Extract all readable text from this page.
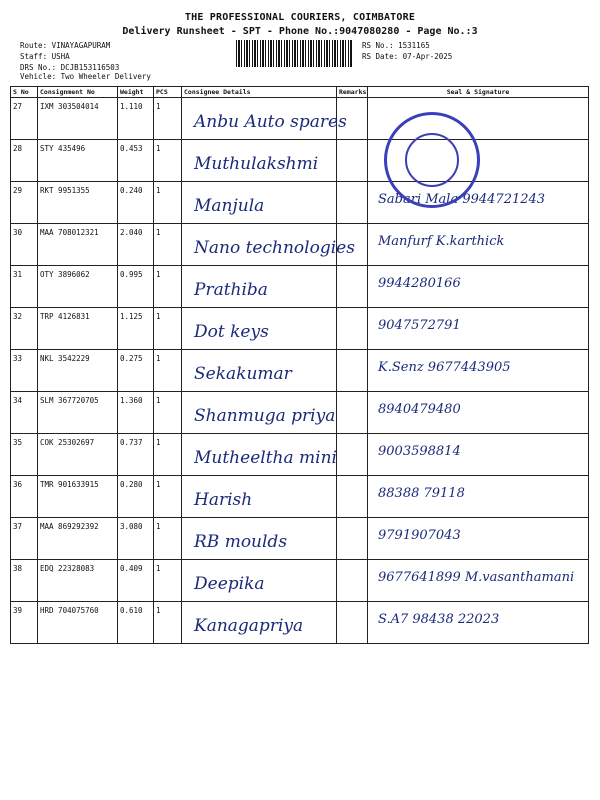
THE PROFESSIONAL COURIERS, COIMBATORE
Delivery Runsheet - SPT - Phone No.:9047080280 - Page No.:3
Route: VINAYAGAPURAM
Staff: USHA
DRS No.: DCJB153116503
RS No.: 1531165
RS Date: 07-Apr-2025
Vehicle: Two Wheeler Delivery
S No	Consignment No	Weight	PCS	Consignee Details	Remarks	Seal & Signature
27	IXM 303504014	1.110	1	Anbu Auto spares		

28	STY 435496	0.453	1	Muthulakshmi		

29	RKT 9951355	0.240	1	Manjula		Sabari Mala 9944721243

30	MAA 708012321	2.040	1	Nano technologies		Manfurf K.karthick

31	OTY 3896062	0.995	1	Prathiba		9944280166

32	TRP 4126831	1.125	1	Dot keys		9047572791

33	NKL 3542229	0.275	1	Sekakumar		K.Senz 9677443905

34	SLM 367720705	1.360	1	Shanmuga priya		8940479480

35	COK 25302697	0.737	1	Mutheeltha mini		9003598814

36	TMR 901633915	0.280	1	Harish		88388 79118

37	MAA 869292392	3.080	1	RB moulds		9791907043

38	EDQ 22328083	0.409	1	Deepika		9677641899 M.vasanthamani

39	HRD 704075760	0.610	1	Kanagapriya		S.A7 98438 22023
